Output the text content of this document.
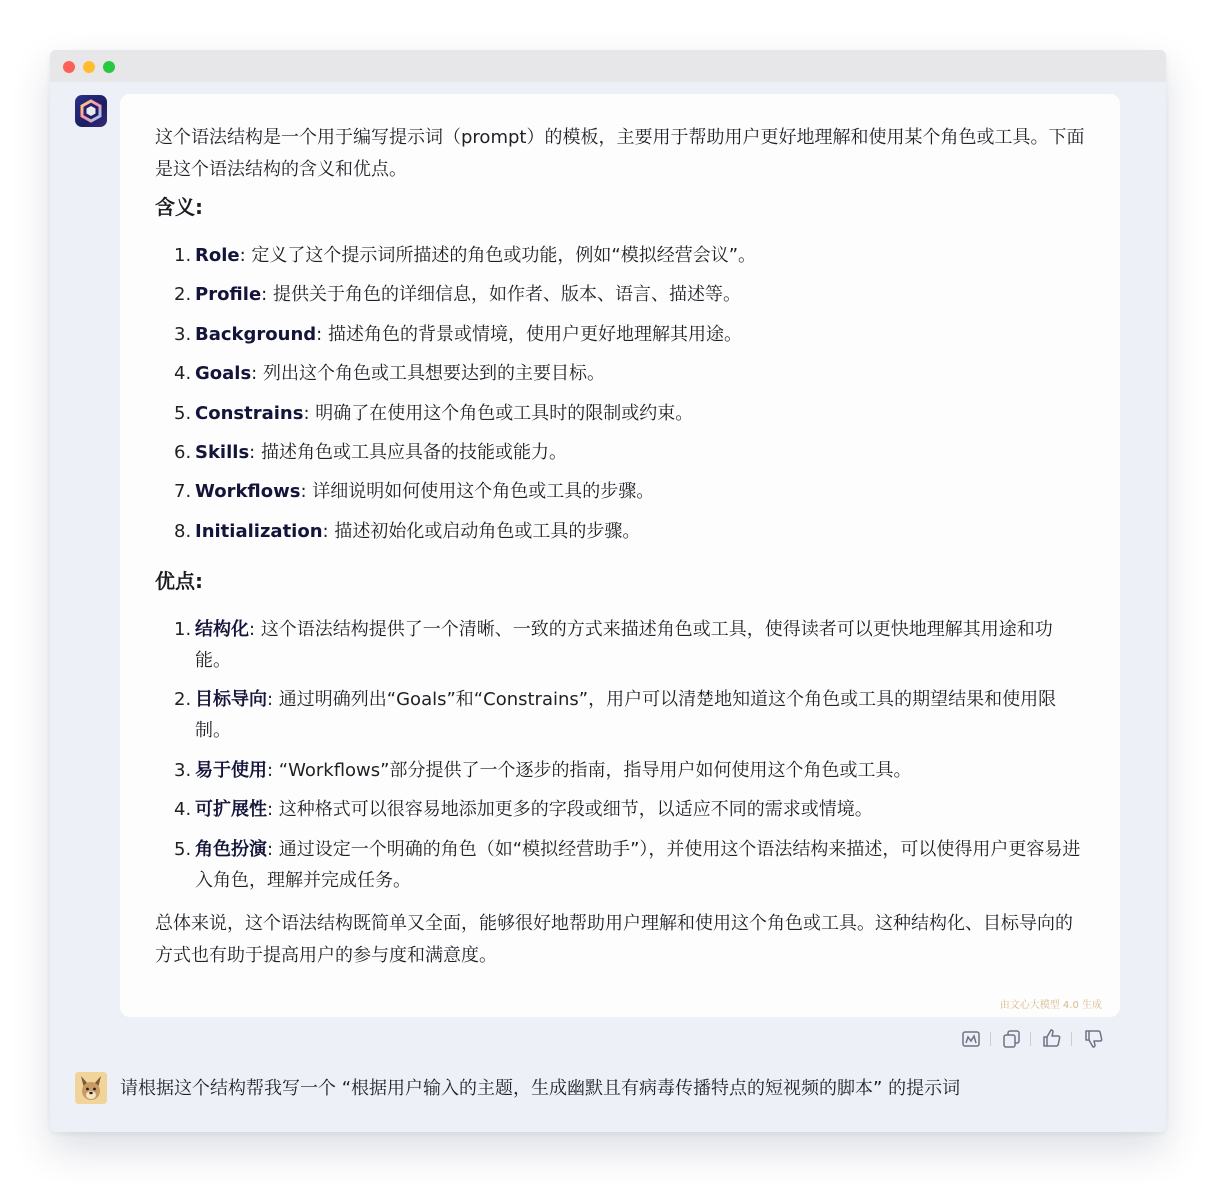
这个语法结构是一个用于编写提示词（prompt）的模板，主要用于帮助用户更好地理解和使用某个角色或工具。下面是这个语法结构的含义和优点。

含义:
1. Role: 定义了这个提示词所描述的角色或功能，例如“模拟经营会议”。
2. Profile: 提供关于角色的详细信息，如作者、版本、语言、描述等。
3. Background: 描述角色的背景或情境，使用户更好地理解其用途。
4. Goals: 列出这个角色或工具想要达到的主要目标。
5. Constrains: 明确了在使用这个角色或工具时的限制或约束。
6. Skills: 描述角色或工具应具备的技能或能力。
7. Workflows: 详细说明如何使用这个角色或工具的步骤。
8. Initialization: 描述初始化或启动角色或工具的步骤。
优点:
1. 结构化: 这个语法结构提供了一个清晰、一致的方式来描述角色或工具，使得读者可以更快地理解其用途和功能。
2. 目标导向: 通过明确列出“Goals”和“Constrains”，用户可以清楚地知道这个角色或工具的期望结果和使用限制。
3. 易于使用: “Workflows”部分提供了一个逐步的指南，指导用户如何使用这个角色或工具。
4. 可扩展性: 这种格式可以很容易地添加更多的字段或细节，以适应不同的需求或情境。
5. 角色扮演: 通过设定一个明确的角色（如“模拟经营助手”），并使用这个语法结构来描述，可以使得用户更容易进入角色，理解并完成任务。

总体来说，这个语法结构既简单又全面，能够很好地帮助用户理解和使用这个角色或工具。这种结构化、目标导向的方式也有助于提高用户的参与度和满意度。

由文心大模型 4.0 生成
请根据这个结构帮我写一个 “根据用户输入的主题，生成幽默且有病毒传播特点的短视频的脚本” 的提示词
